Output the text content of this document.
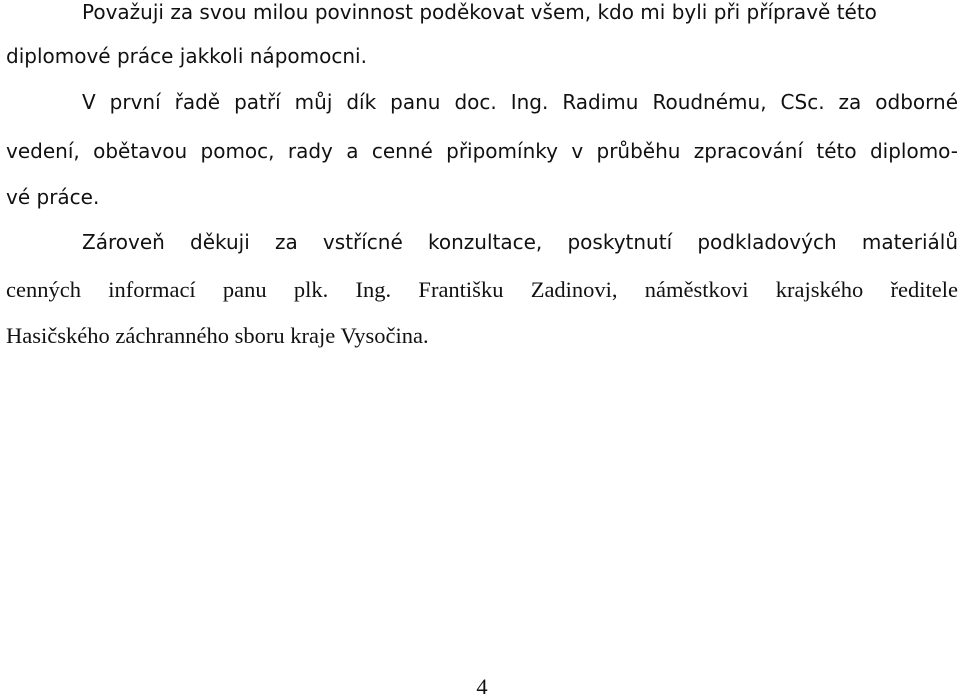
Považuji za svou milou povinnost poděkovat všem, kdo mi byli při přípravě této

diplomové práce jakkoli nápomocni.

V první řadě patří můj dík panu doc. Ing. Radimu Roudnému, CSc. za odborné

vedení, obětavou pomoc, rady a cenné připomínky v průběhu zpracování této diplomo-

vé práce.

Zároveň děkuji za vstřícné konzultace, poskytnutí podkladových materiálů

cenných informací panu plk. Ing. Františku Zadinovi, náměstkovi krajského ředitele

Hasičského záchranného sboru kraje Vysočina.

4
